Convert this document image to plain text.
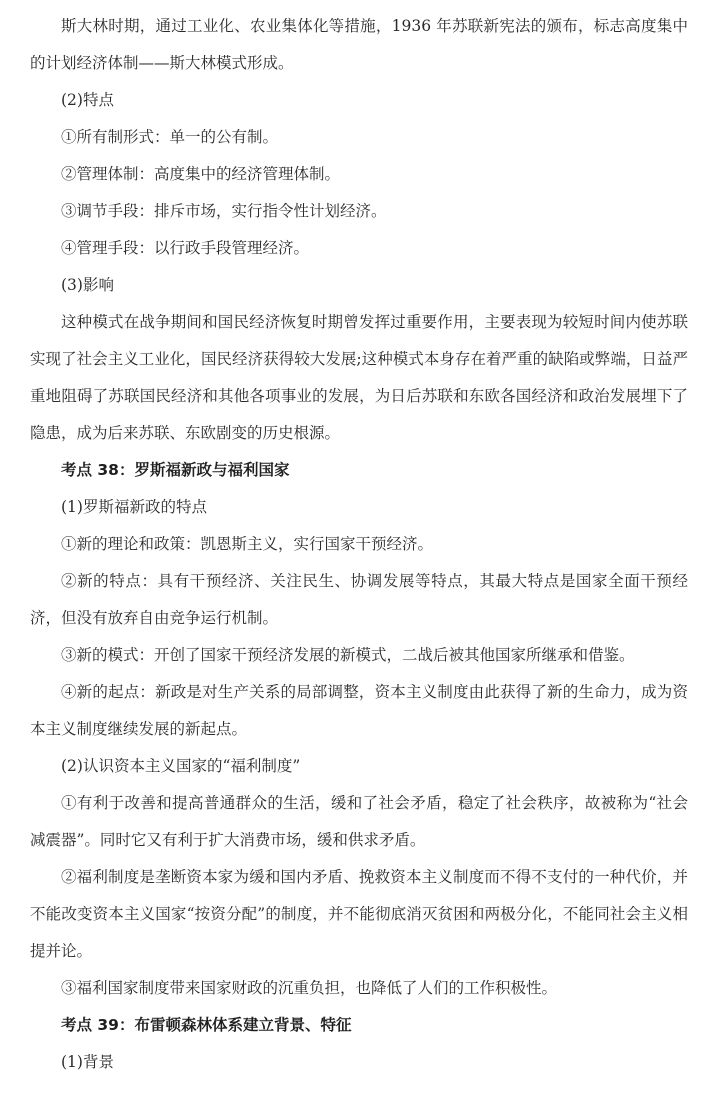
斯大林时期，通过工业化、农业集体化等措施，1936 年苏联新宪法的颁布，标志高度集中的计划经济体制——斯大林模式形成。

(2)特点

①所有制形式：单一的公有制。

②管理体制：高度集中的经济管理体制。

③调节手段：排斥市场，实行指令性计划经济。

④管理手段：以行政手段管理经济。

(3)影响

这种模式在战争期间和国民经济恢复时期曾发挥过重要作用，主要表现为较短时间内使苏联实现了社会主义工业化，国民经济获得较大发展;这种模式本身存在着严重的缺陷或弊端，日益严重地阻碍了苏联国民经济和其他各项事业的发展，为日后苏联和东欧各国经济和政治发展埋下了隐患，成为后来苏联、东欧剧变的历史根源。

考点 38：罗斯福新政与福利国家

(1)罗斯福新政的特点

①新的理论和政策：凯恩斯主义，实行国家干预经济。

②新的特点：具有干预经济、关注民生、协调发展等特点，其最大特点是国家全面干预经济，但没有放弃自由竞争运行机制。

③新的模式：开创了国家干预经济发展的新模式，二战后被其他国家所继承和借鉴。

④新的起点：新政是对生产关系的局部调整，资本主义制度由此获得了新的生命力，成为资本主义制度继续发展的新起点。

(2)认识资本主义国家的“福利制度”

①有利于改善和提高普通群众的生活，缓和了社会矛盾，稳定了社会秩序，故被称为“社会减震器”。同时它又有利于扩大消费市场，缓和供求矛盾。

②福利制度是垄断资本家为缓和国内矛盾、挽救资本主义制度而不得不支付的一种代价，并不能改变资本主义国家“按资分配”的制度，并不能彻底消灭贫困和两极分化，不能同社会主义相提并论。

③福利国家制度带来国家财政的沉重负担，也降低了人们的工作积极性。

考点 39：布雷顿森林体系建立背景、特征

(1)背景
